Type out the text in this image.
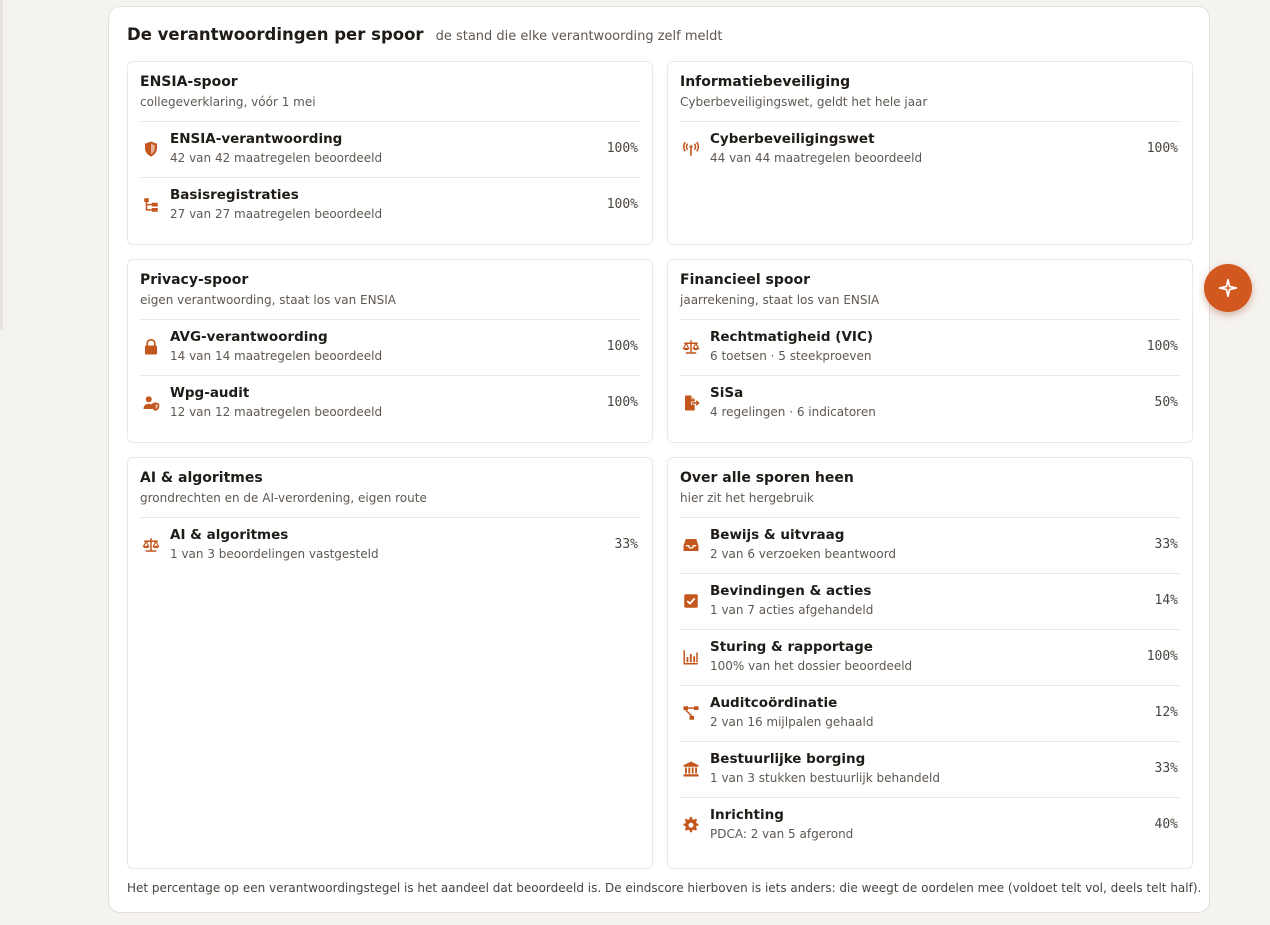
De verantwoordingen per spoor de stand die elke verantwoording zelf meldt
ENSIA-spoor
collegeverklaring, vóór 1 mei
ENSIA-verantwoording
42 van 42 maatregelen beoordeeld
100%
Basisregistraties
27 van 27 maatregelen beoordeeld
100%
Informatiebeveiliging
Cyberbeveiligingswet, geldt het hele jaar
Cyberbeveiligingswet
44 van 44 maatregelen beoordeeld
100%
Privacy-spoor
eigen verantwoording, staat los van ENSIA
AVG-verantwoording
14 van 14 maatregelen beoordeeld
100%
Wpg-audit
12 van 12 maatregelen beoordeeld
100%
Financieel spoor
jaarrekening, staat los van ENSIA
Rechtmatigheid (VIC)
6 toetsen · 5 steekproeven
100%
SiSa
4 regelingen · 6 indicatoren
50%
AI & algoritmes
grondrechten en de AI-verordening, eigen route
AI & algoritmes
1 van 3 beoordelingen vastgesteld
33%
Over alle sporen heen
hier zit het hergebruik
Bewijs & uitvraag
2 van 6 verzoeken beantwoord
33%
Bevindingen & acties
1 van 7 acties afgehandeld
14%
Sturing & rapportage
100% van het dossier beoordeeld
100%
Auditcoördinatie
2 van 16 mijlpalen gehaald
12%
Bestuurlijke borging
1 van 3 stukken bestuurlijk behandeld
33%
Inrichting
PDCA: 2 van 5 afgerond
40%
Het percentage op een verantwoordingstegel is het aandeel dat beoordeeld is. De eindscore hierboven is iets anders: die weegt de oordelen mee (voldoet telt vol, deels telt half).
